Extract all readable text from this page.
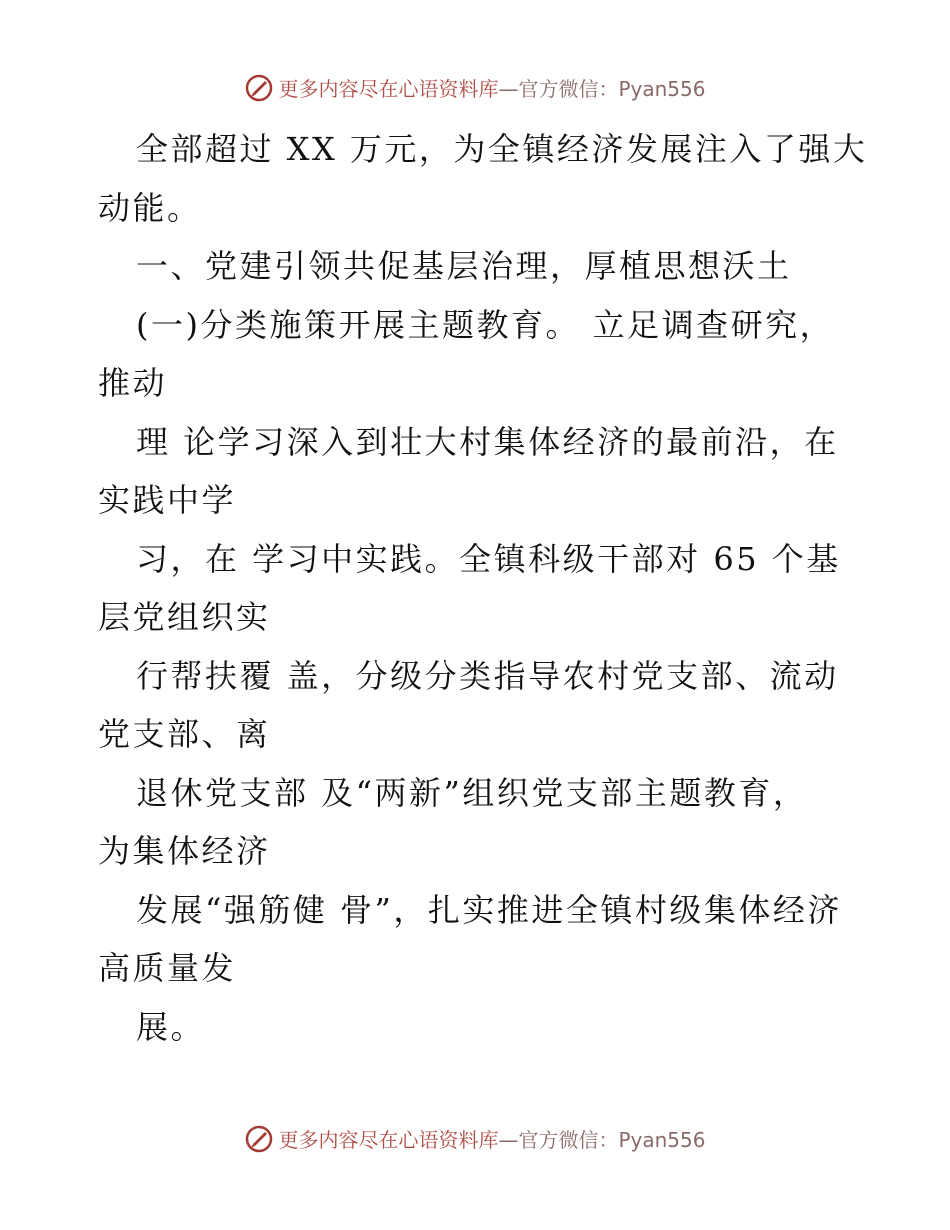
更多内容尽在心语资料库—官方微信：Pyan556
全部超过 XX 万元，为全镇经济发展注入了强大
动能。
一、党建引领共促基层治理，厚植思想沃土
(一)分类施策开展主题教育。 立足调查研究，
推动
理 论学习深入到壮大村集体经济的最前沿，在
实践中学
习，在 学习中实践。全镇科级干部对 65 个基
层党组织实
行帮扶覆 盖，分级分类指导农村党支部、流动
党支部、离
退休党支部 及“两新”组织党支部主题教育，
为集体经济
发展“强筋健 骨”，扎实推进全镇村级集体经济
高质量发
展。
更多内容尽在心语资料库—官方微信：Pyan556
